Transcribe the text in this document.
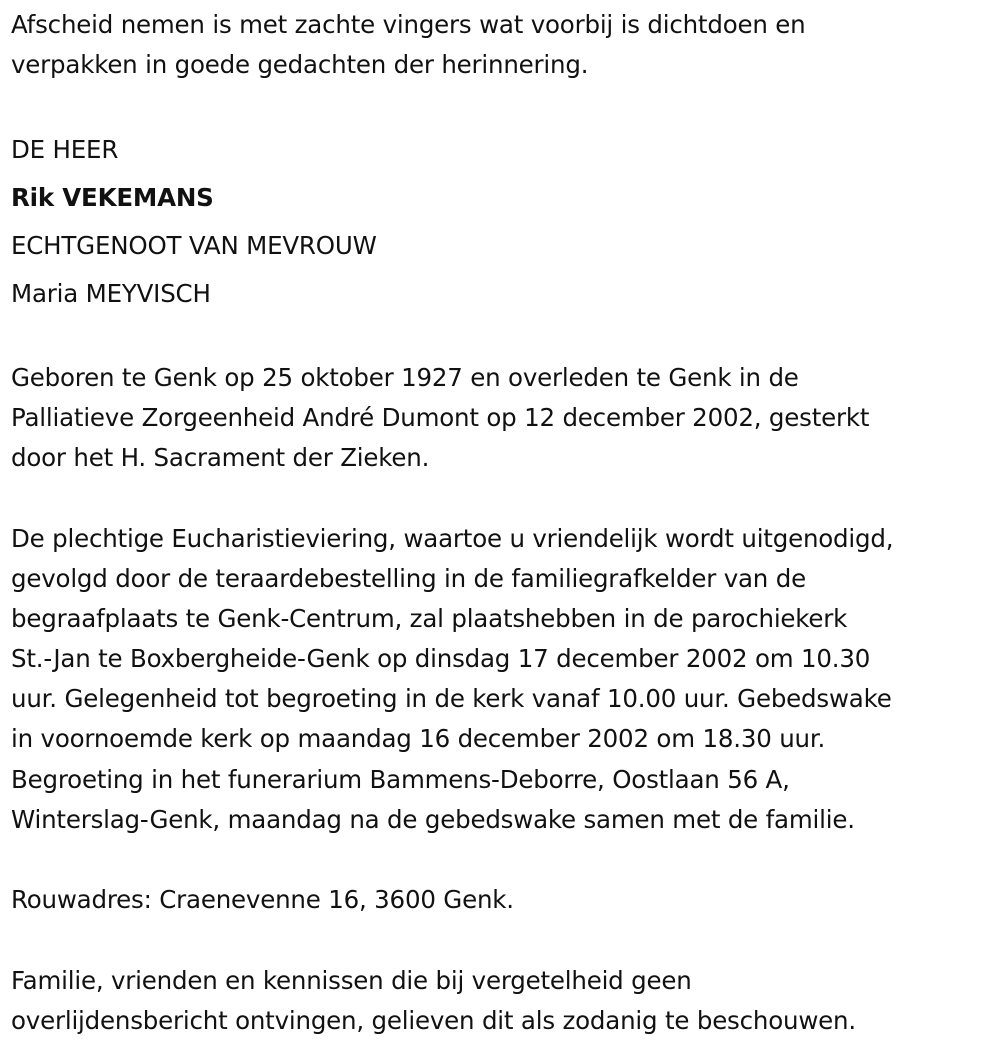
Afscheid nemen is met zachte vingers wat voorbij is dichtdoen en
verpakken in goede gedachten der herinnering.
DE HEER
Rik VEKEMANS
ECHTGENOOT VAN MEVROUW
Maria MEYVISCH
Geboren te Genk op 25 oktober 1927 en overleden te Genk in de
Palliatieve Zorgeenheid André Dumont op 12 december 2002, gesterkt
door het H. Sacrament der Zieken.
De plechtige Eucharistieviering, waartoe u vriendelijk wordt uitgenodigd,
gevolgd door de teraardebestelling in de familiegrafkelder van de
begraafplaats te Genk-Centrum, zal plaatshebben in de parochiekerk
St.-Jan te Boxbergheide-Genk op dinsdag 17 december 2002 om 10.30
uur. Gelegenheid tot begroeting in de kerk vanaf 10.00 uur. Gebedswake
in voornoemde kerk op maandag 16 december 2002 om 18.30 uur.
Begroeting in het funerarium Bammens-Deborre, Oostlaan 56 A,
Winterslag-Genk, maandag na de gebedswake samen met de familie.
Rouwadres: Craenevenne 16, 3600 Genk.
Familie, vrienden en kennissen die bij vergetelheid geen
overlijdensbericht ontvingen, gelieven dit als zodanig te beschouwen.
